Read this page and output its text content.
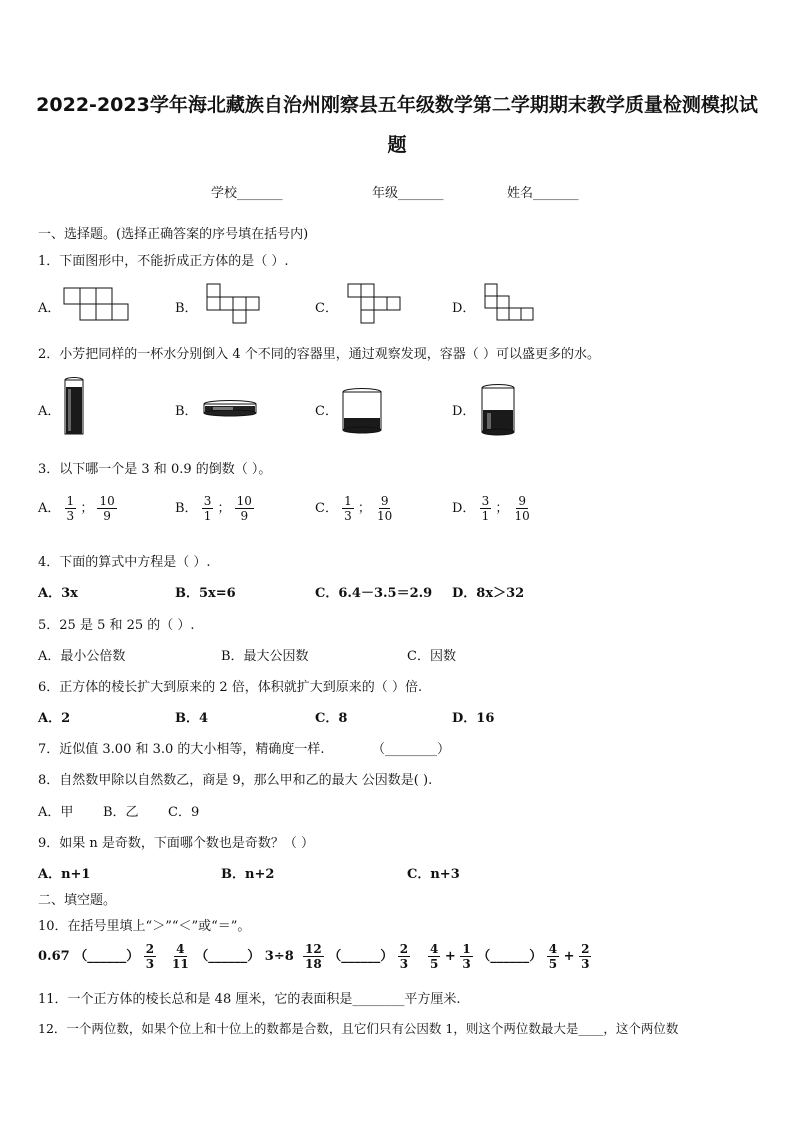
2022-2023学年海北藏族自治州刚察县五年级数学第二学期期末教学质量检测模拟试
题
学校_______	年级_______	姓名_______
一、选择题。(选择正确答案的序号填在括号内)
1．下面图形中，不能折成正方体的是（ ）.
A．	B．	C．	D．
2．小芳把同样的一杯水分别倒入 4 个不同的容器里，通过观察发现，容器（ ）可以盛更多的水。
A．	B．	C．	D．
3．以下哪一个是 3 和 0.9 的倒数（ ）。
A． $\frac{1}{3}$ ； $\frac{10}{9}$	B． $\frac{3}{1}$ ； $\frac{10}{9}$	C． $\frac{1}{3}$ ； $\frac{9}{10}$	D． $\frac{3}{1}$ ； $\frac{9}{10}$
4．下面的算式中方程是（ ）.
A．3x	B．5x=6	C．6.4－3.5＝2.9 D．8x＞32
5．25 是 5 和 25 的（ ）.
A．最小公倍数	B．最大公因数	C．因数
6．正方体的棱长扩大到原来的 2 倍，体积就扩大到原来的（ ）倍.
A．2	B．4	C．8	D．16
7．近似值 3.00 和 3.0 的大小相等，精确度一样.	（________）
8．自然数甲除以自然数乙，商是 9，那么甲和乙的最大 公因数是( ).
A．甲 B．乙 C．9
9．如果 n 是奇数，下面哪个数也是奇数？（ ）
A．n+1	B．n+2	C．n+3
二、填空题。
10．在括号里填上“＞”“＜”或“＝”。
0.67 （______） $\frac{2}{3} \frac{4}{11}$ （______） $3\div 8 \frac{12}{18}$ （______） $\frac{2}{3} \frac{4}{5} + \frac{1}{3}$ （______） $\frac{4}{5} + \frac{2}{3}$
11．一个正方体的棱长总和是 48 厘米，它的表面积是________平方厘米.
12．一个两位数，如果个位上和十位上的数都是合数，且它们只有公因数 1，则这个两位数最大是____，这个两位数
